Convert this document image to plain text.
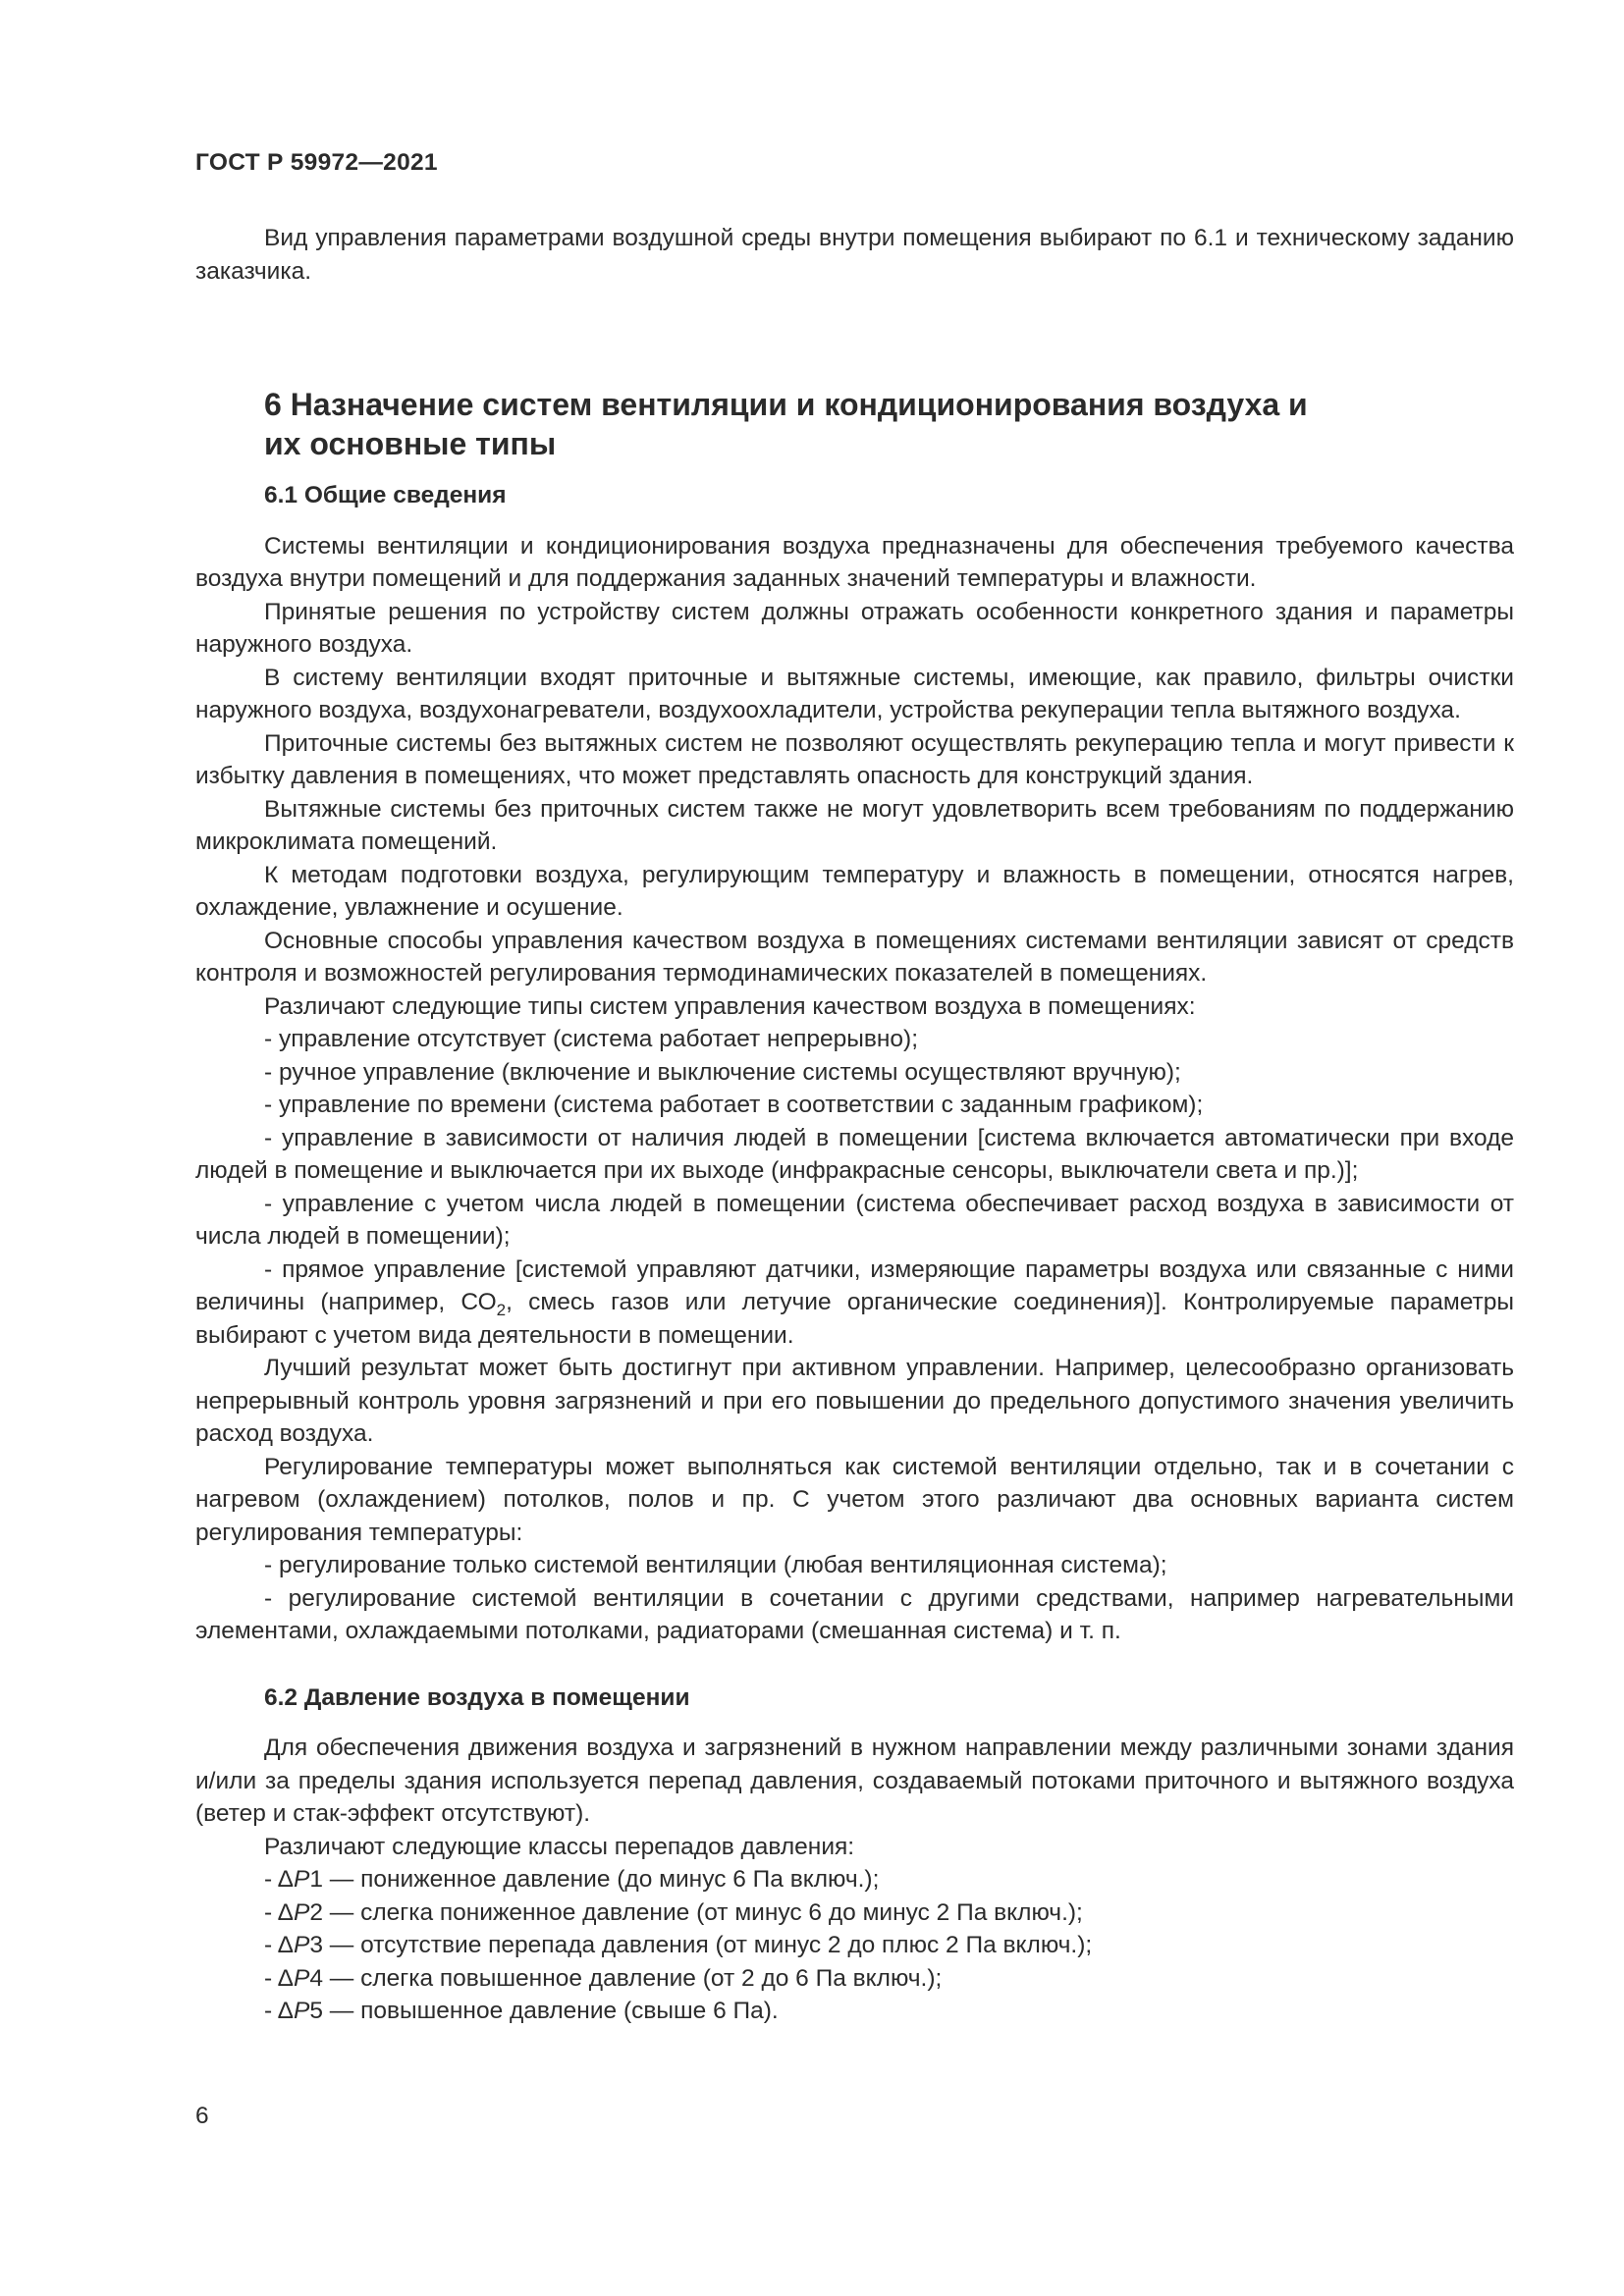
ГОСТ Р 59972—2021

Вид управления параметрами воздушной среды внутри помещения выбирают по 6.1 и техническому заданию заказчика.

6 Назначение систем вентиляции и кондиционирования воздуха и их основные типы
6.1 Общие сведения

Системы вентиляции и кондиционирования воздуха предназначены для обеспечения требуемого качества воздуха внутри помещений и для поддержания заданных значений температуры и влажности.

Принятые решения по устройству систем должны отражать особенности конкретного здания и параметры наружного воздуха.

В систему вентиляции входят приточные и вытяжные системы, имеющие, как правило, фильтры очистки наружного воздуха, воздухонагреватели, воздухоохладители, устройства рекуперации тепла вытяжного воздуха.

Приточные системы без вытяжных систем не позволяют осуществлять рекуперацию тепла и могут привести к избытку давления в помещениях, что может представлять опасность для конструкций здания.

Вытяжные системы без приточных систем также не могут удовлетворить всем требованиям по поддержанию микроклимата помещений.

К методам подготовки воздуха, регулирующим температуру и влажность в помещении, относятся нагрев, охлаждение, увлажнение и осушение.

Основные способы управления качеством воздуха в помещениях системами вентиляции зависят от средств контроля и возможностей регулирования термодинамических показателей в помещениях.

Различают следующие типы систем управления качеством воздуха в помещениях:

- управление отсутствует (система работает непрерывно);

- ручное управление (включение и выключение системы осуществляют вручную);

- управление по времени (система работает в соответствии с заданным графиком);

- управление в зависимости от наличия людей в помещении [система включается автоматически при входе людей в помещение и выключается при их выходе (инфракрасные сенсоры, выключатели света и пр.)];

- управление с учетом числа людей в помещении (система обеспечивает расход воздуха в зависимости от числа людей в помещении);

- прямое управление [системой управляют датчики, измеряющие параметры воздуха или связанные с ними величины (например, $СО_2$, смесь газов или летучие органические соединения)]. Контролируемые параметры выбирают с учетом вида деятельности в помещении.

Лучший результат может быть достигнут при активном управлении. Например, целесообразно организовать непрерывный контроль уровня загрязнений и при его повышении до предельного допустимого значения увеличить расход воздуха.

Регулирование температуры может выполняться как системой вентиляции отдельно, так и в сочетании с нагревом (охлаждением) потолков, полов и пр. С учетом этого различают два основных варианта систем регулирования температуры:

- регулирование только системой вентиляции (любая вентиляционная система);

- регулирование системой вентиляции в сочетании с другими средствами, например нагревательными элементами, охлаждаемыми потолками, радиаторами (смешанная система) и т. п.

6.2 Давление воздуха в помещении

Для обеспечения движения воздуха и загрязнений в нужном направлении между различными зонами здания и/или за пределы здания используется перепад давления, создаваемый потоками приточного и вытяжного воздуха (ветер и стак-эффект отсутствуют).

Различают следующие классы перепадов давления:

- ΔP1 — пониженное давление (до минус 6 Па включ.);

- ΔP2 — слегка пониженное давление (от минус 6 до минус 2 Па включ.);

- ΔP3 — отсутствие перепада давления (от минус 2 до плюс 2 Па включ.);

- ΔP4 — слегка повышенное давление (от 2 до 6 Па включ.);

- ΔP5 — повышенное давление (свыше 6 Па).

6
